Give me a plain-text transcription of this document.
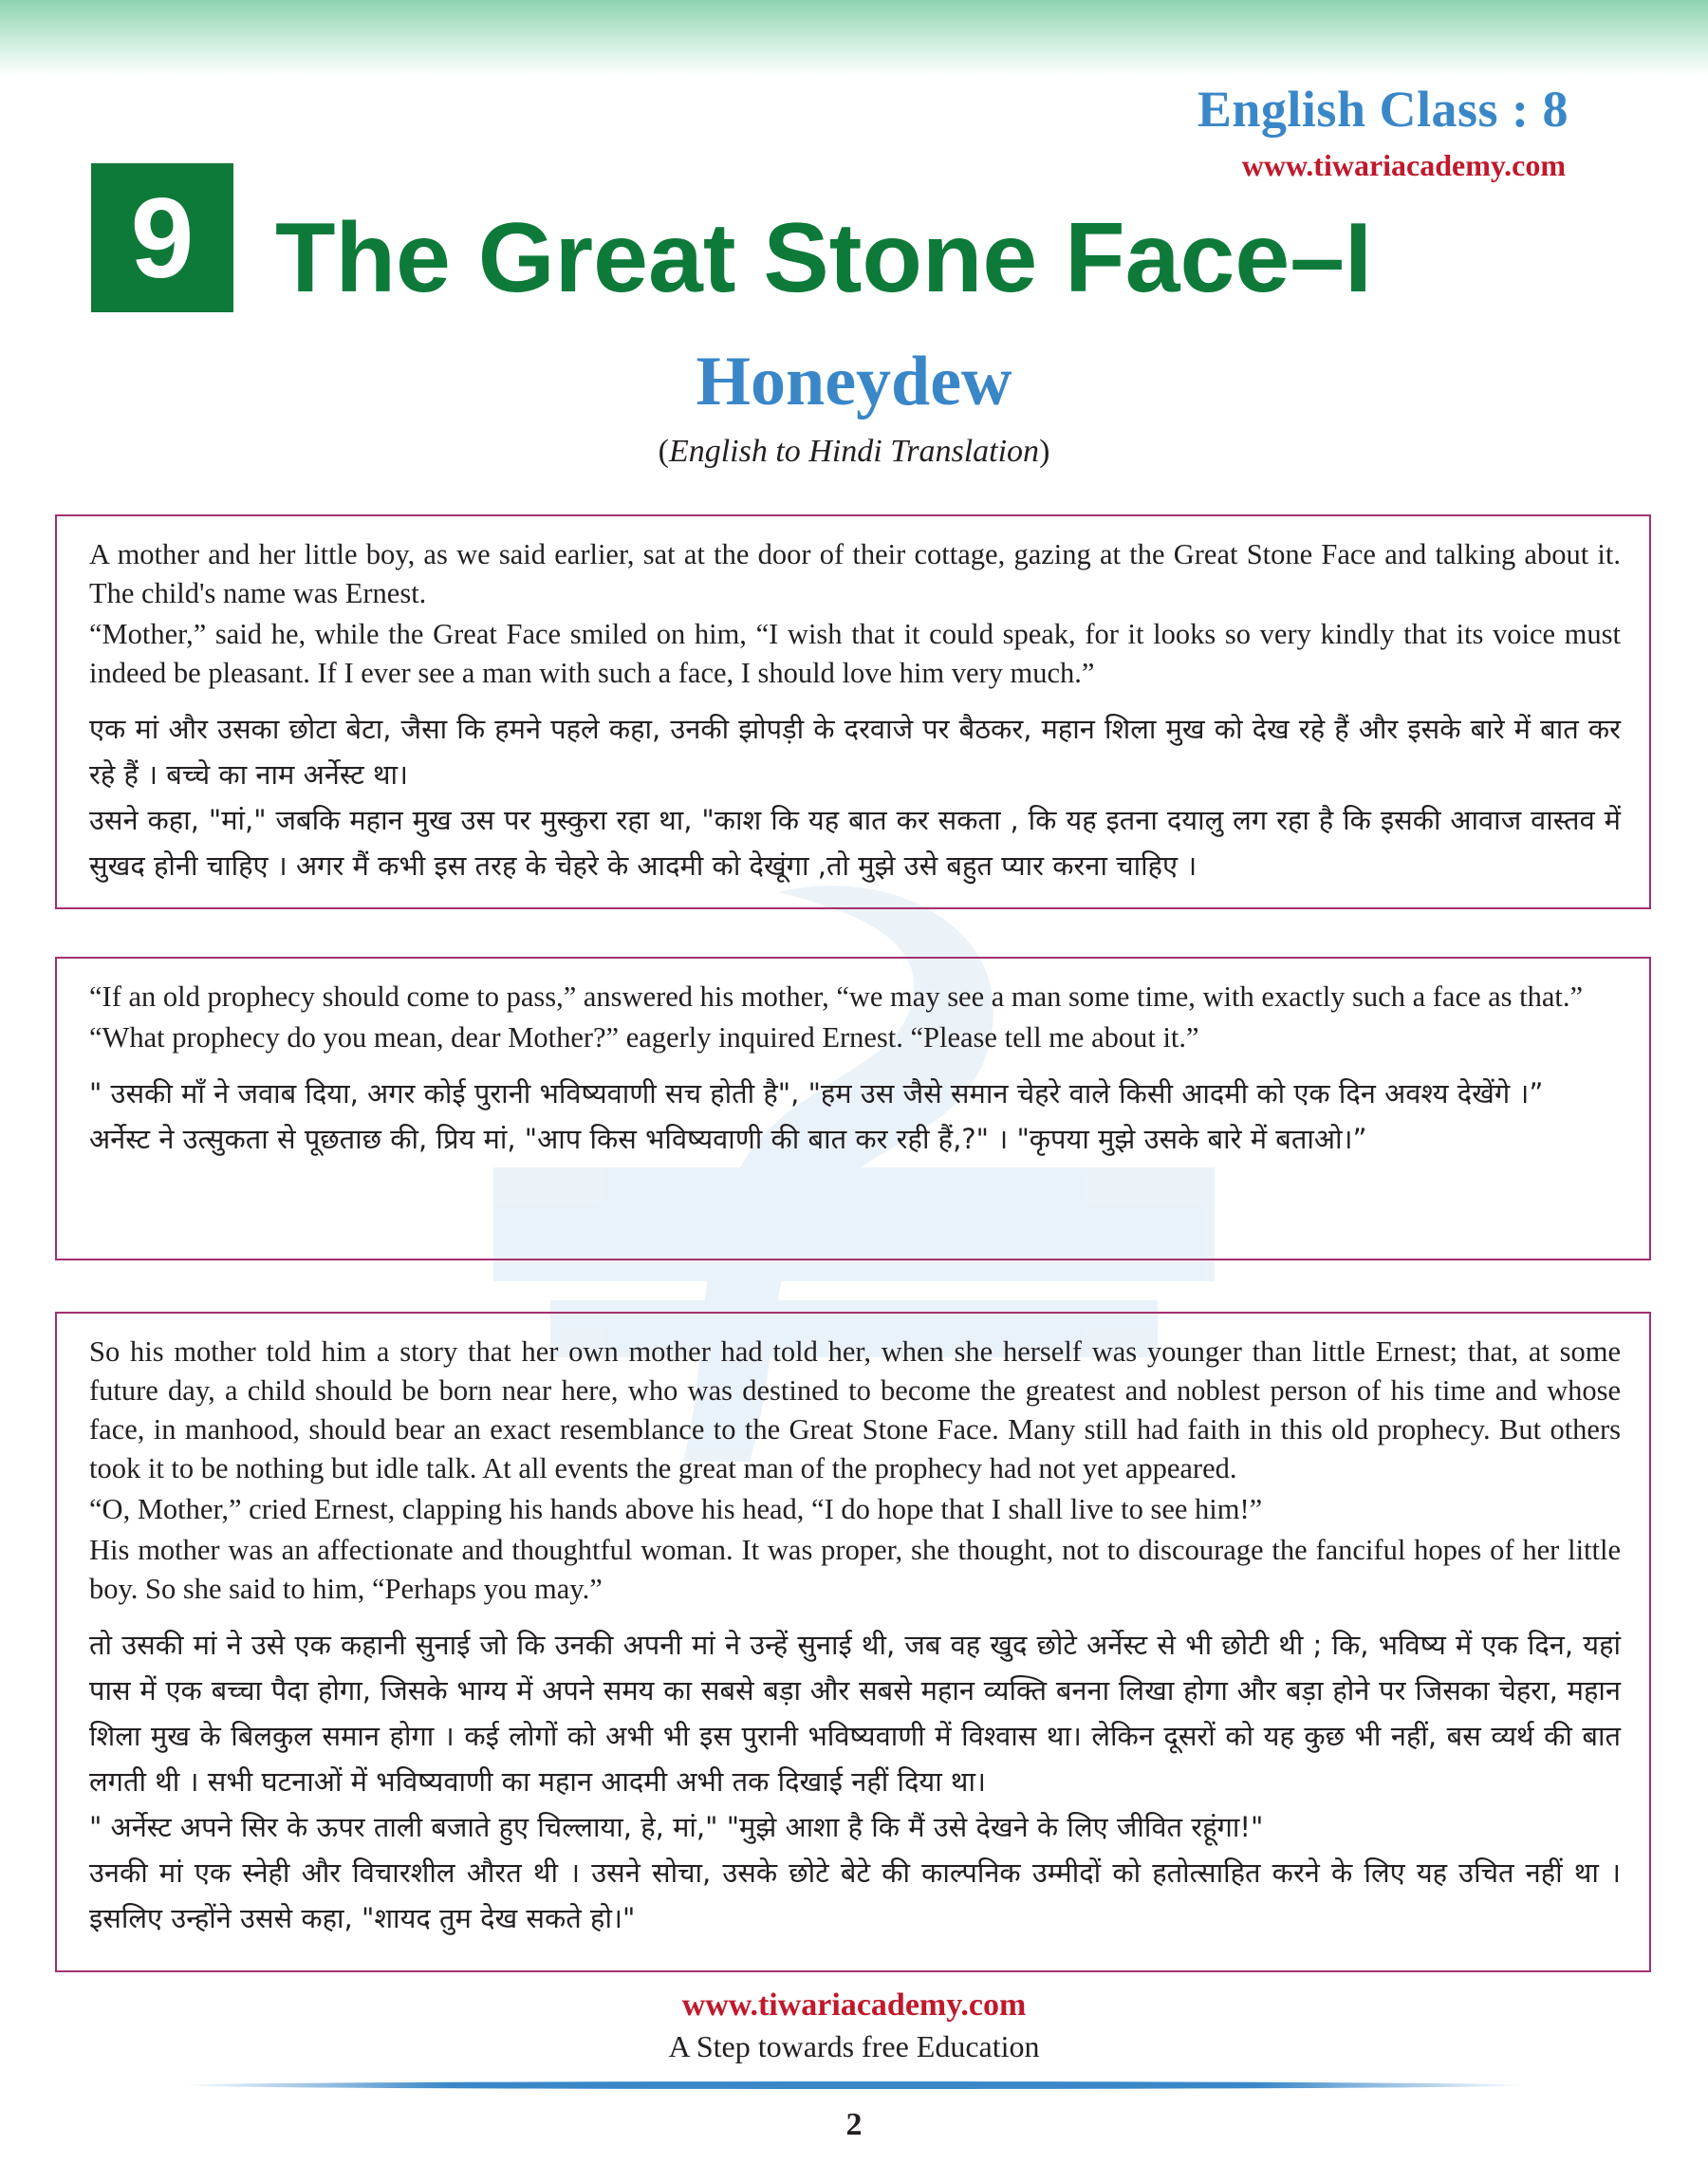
English Class : 8
www.tiwariacademy.com
9 The Great Stone Face–I
Honeydew
(English to Hindi Translation)

A mother and her little boy, as we said earlier, sat at the door of their cottage, gazing at the Great Stone Face and talking about it. The child's name was Ernest.

“Mother,” said he, while the Great Face smiled on him, “I wish that it could speak, for it looks so very kindly that its voice must indeed be pleasant. If I ever see a man with such a face, I should love him very much.”

एक मां और उसका छोटा बेटा, जैसा कि हमने पहले कहा, उनकी झोपड़ी के दरवाजे पर बैठकर, महान शिला मुख को देख रहे हैं और इसके बारे में बात कर रहे हैं । बच्चे का नाम अर्नेस्ट था।

उसने कहा, "मां," जबकि महान मुख उस पर मुस्कुरा रहा था, "काश कि यह बात कर सकता , कि यह इतना दयालु लग रहा है कि इसकी आवाज वास्तव में सुखद होनी चाहिए । अगर मैं कभी इस तरह के चेहरे के आदमी को देखूंगा ,तो मुझे उसे बहुत प्यार करना चाहिए ।

“If an old prophecy should come to pass,” answered his mother, “we may see a man some time, with exactly such a face as that.”

“What prophecy do you mean, dear Mother?” eagerly inquired Ernest. “Please tell me about it.”

" उसकी माँ ने जवाब दिया, अगर कोई पुरानी भविष्यवाणी सच होती है", "हम उस जैसे समान चेहरे वाले किसी आदमी को एक दिन अवश्य देखेंगे ।”

अर्नेस्ट ने उत्सुकता से पूछताछ की, प्रिय मां, "आप किस भविष्यवाणी की बात कर रही हैं,?" । "कृपया मुझे उसके बारे में बताओ।”

So his mother told him a story that her own mother had told her, when she herself was younger than little Ernest; that, at some future day, a child should be born near here, who was destined to become the greatest and noblest person of his time and whose face, in manhood, should bear an exact resemblance to the Great Stone Face. Many still had faith in this old prophecy. But others took it to be nothing but idle talk. At all events the great man of the prophecy had not yet appeared.

“O, Mother,” cried Ernest, clapping his hands above his head, “I do hope that I shall live to see him!”

His mother was an affectionate and thoughtful woman. It was proper, she thought, not to discourage the fanciful hopes of her little boy. So she said to him, “Perhaps you may.”

तो उसकी मां ने उसे एक कहानी सुनाई जो कि उनकी अपनी मां ने उन्हें सुनाई थी, जब वह खुद छोटे अर्नेस्ट से भी छोटी थी ; कि, भविष्य में एक दिन, यहां पास में एक बच्चा पैदा होगा, जिसके भाग्य में अपने समय का सबसे बड़ा और सबसे महान व्यक्ति बनना लिखा होगा और बड़ा होने पर जिसका चेहरा, महान शिला मुख के बिलकुल समान होगा । कई लोगों को अभी भी इस पुरानी भविष्यवाणी में विश्वास था। लेकिन दूसरों को यह कुछ भी नहीं, बस व्यर्थ की बात लगती थी । सभी घटनाओं में भविष्यवाणी का महान आदमी अभी तक दिखाई नहीं दिया था।

" अर्नेस्ट अपने सिर के ऊपर ताली बजाते हुए चिल्लाया, हे, मां," "मुझे आशा है कि मैं उसे देखने के लिए जीवित रहूंगा!"

उनकी मां एक स्नेही और विचारशील औरत थी । उसने सोचा, उसके छोटे बेटे की काल्पनिक उम्मीदों को हतोत्साहित करने के लिए यह उचित नहीं था । इसलिए उन्होंने उससे कहा, "शायद तुम देख सकते हो।"

www.tiwariacademy.com
A Step towards free Education
2
